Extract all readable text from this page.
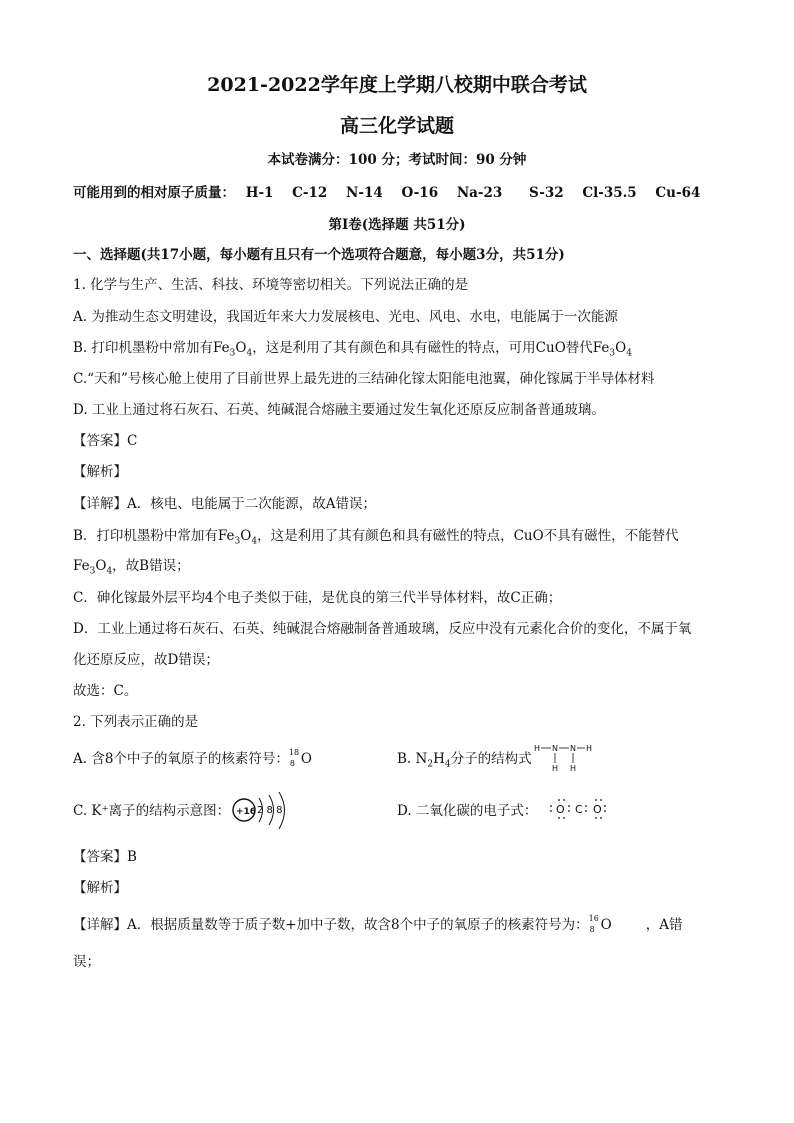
2021-2022学年度上学期八校期中联合考试
高三化学试题
本试卷满分：100 分；考试时间：90 分钟
可能用到的相对原子质量： H-1 C-12 N-14 O-16 Na-23 S-32 Cl-35.5 Cu-64
第Ⅰ卷(选择题 共51分)
一、选择题(共17小题，每小题有且只有一个选项符合题意，每小题3分，共51分)
1. 化学与生产、生活、科技、环境等密切相关。下列说法正确的是
A. 为推动生态文明建设，我国近年来大力发展核电、光电、风电、水电，电能属于一次能源
B. 打印机墨粉中常加有$Fe_3O_4$，这是利用了其有颜色和具有磁性的特点，可用CuO替代$Fe_3O_4$
C.“天和”号核心舱上使用了目前世界上最先进的三结砷化镓太阳能电池翼，砷化镓属于半导体材料
D. 工业上通过将石灰石、石英、纯碱混合熔融主要通过发生氧化还原反应制备普通玻璃。
【答案】C
【解析】
【详解】A．核电、电能属于二次能源，故A错误；
B．打印机墨粉中常加有$Fe_3O_4$，这是利用了其有颜色和具有磁性的特点，CuO不具有磁性，不能替代
$Fe_3O_4$，故B错误；
C．砷化镓最外层平均4个电子类似于硅，是优良的第三代半导体材料，故C正确；
D．工业上通过将石灰石、石英、纯碱混合熔融制备普通玻璃，反应中没有元素化合价的变化，不属于氧
化还原反应，故D错误；
故选：C。
2. 下列表示正确的是
A. 含8个中子的氧原子的核素符号： 18
8 O	B. $N_2H_4$分子的结构式
H N N H
H H
C. K⁺离子的结构示意图： +16 2 8 8	D. 二氧化碳的电子式： O C O
【答案】B
【解析】
【详解】A．根据质量数等于质子数+加中子数，故含8个中子的氧原子的核素符号为： 16
8 O	，A错
误；
